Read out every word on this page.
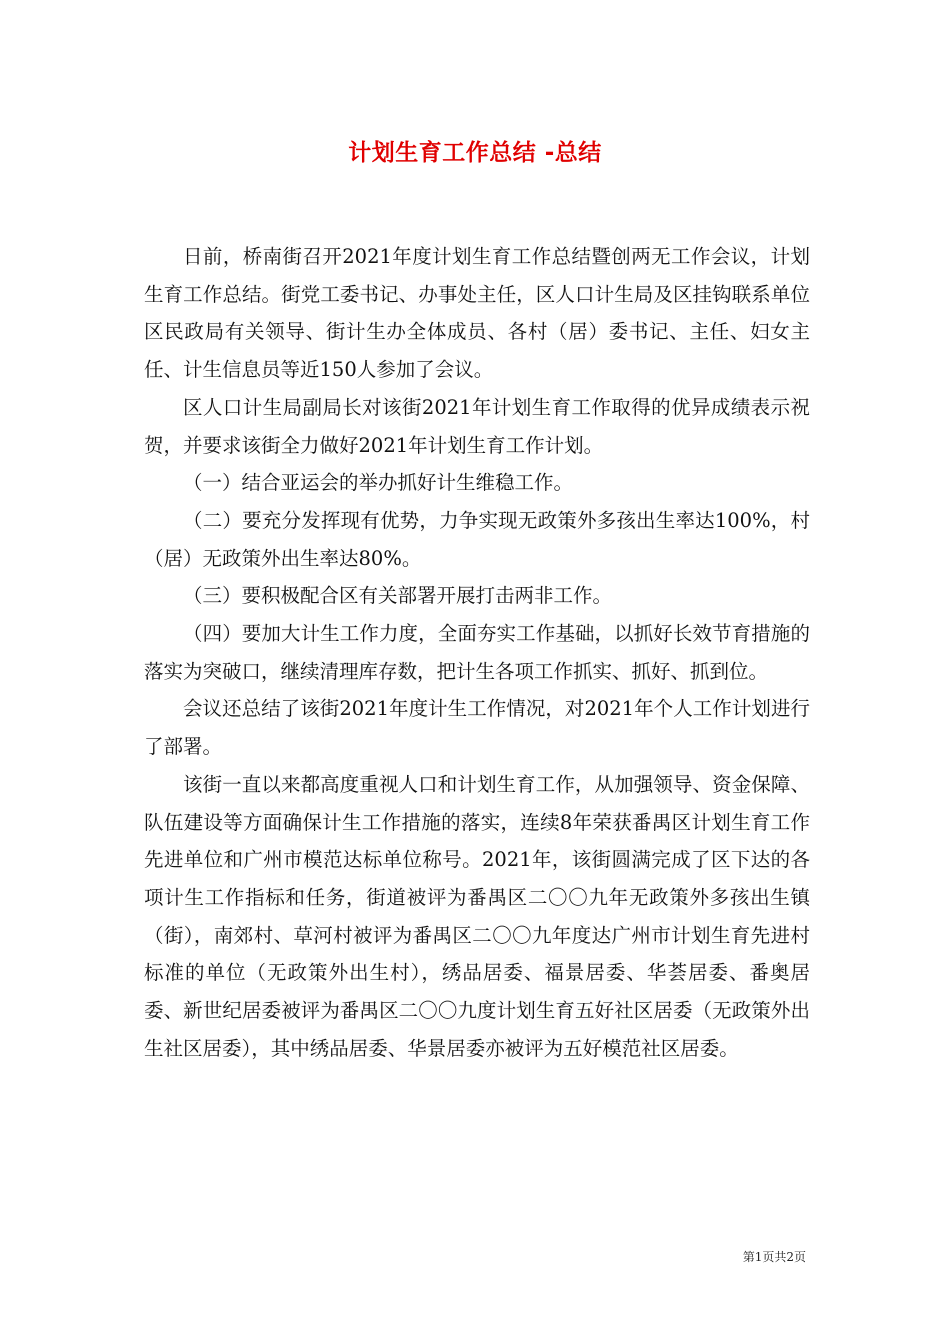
计划生育工作总结 -总结

日前，桥南街召开2021年度计划生育工作总结暨创两无工作会议，计划生育工作总结。街党工委书记、办事处主任，区人口计生局及区挂钩联系单位区民政局有关领导、街计生办全体成员、各村（居）委书记、主任、妇女主任、计生信息员等近150人参加了会议。

区人口计生局副局长对该街2021年计划生育工作取得的优异成绩表示祝贺，并要求该街全力做好2021年计划生育工作计划。

（一）结合亚运会的举办抓好计生维稳工作。

（二）要充分发挥现有优势，力争实现无政策外多孩出生率达100%，村（居）无政策外出生率达80%。

（三）要积极配合区有关部署开展打击两非工作。

（四）要加大计生工作力度，全面夯实工作基础，以抓好长效节育措施的落实为突破口，继续清理库存数，把计生各项工作抓实、抓好、抓到位。

会议还总结了该街2021年度计生工作情况，对2021年个人工作计划进行了部署。

该街一直以来都高度重视人口和计划生育工作，从加强领导、资金保障、队伍建设等方面确保计生工作措施的落实，连续8年荣获番禺区计划生育工作先进单位和广州市模范达标单位称号。2021年，该街圆满完成了区下达的各项计生工作指标和任务，街道被评为番禺区二〇〇九年无政策外多孩出生镇（街），南郊村、草河村被评为番禺区二〇〇九年度达广州市计划生育先进村标准的单位（无政策外出生村），绣品居委、福景居委、华荟居委、番奥居委、新世纪居委被评为番禺区二〇〇九度计划生育五好社区居委（无政策外出生社区居委），其中绣品居委、华景居委亦被评为五好模范社区居委。

第1页共2页
